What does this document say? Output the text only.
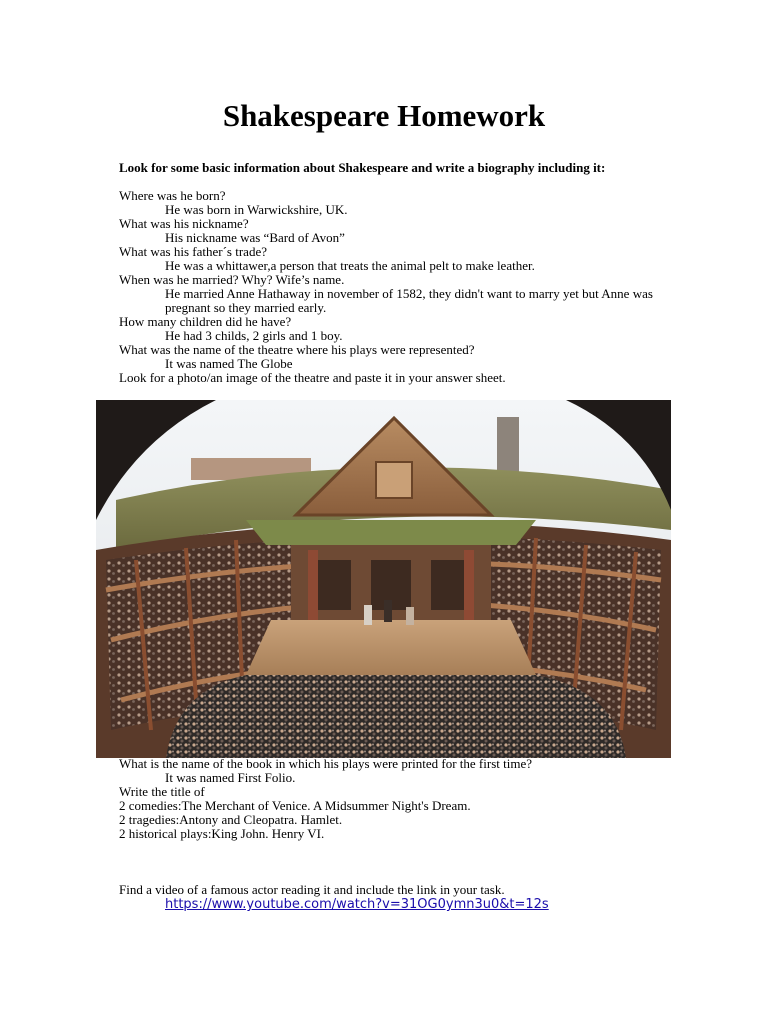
Shakespeare Homework
Look for some basic information about Shakespeare and write a biography including it:

Where was he born?

He was born in Warwickshire, UK.

What was his nickname?

His nickname was “Bard of Avon”

What was his father´s trade?

He was a whittawer,a person that treats the animal pelt to make leather.

When was he married? Why? Wife’s name.

He married Anne Hathaway in november of 1582, they didn't want to marry yet but Anne was pregnant so they married early.

How many children did he have?

He had 3 childs, 2 girls and 1 boy.

What was the name of the theatre where his plays were represented?

It was named The Globe

Look for a photo/an image of the theatre and paste it in your answer sheet.

What is the name of the book in which his plays were printed for the first time?

It was named First Folio.

Write the title of

2 comedies:The Merchant of Venice. A Midsummer Night's Dream.

2 tragedies:Antony and Cleopatra. Hamlet.

2 historical plays:King John. Henry VI.

Find a video of a famous actor reading it and include the link in your task.

https://www.youtube.com/watch?v=31OG0ymn3u0&t=12s
